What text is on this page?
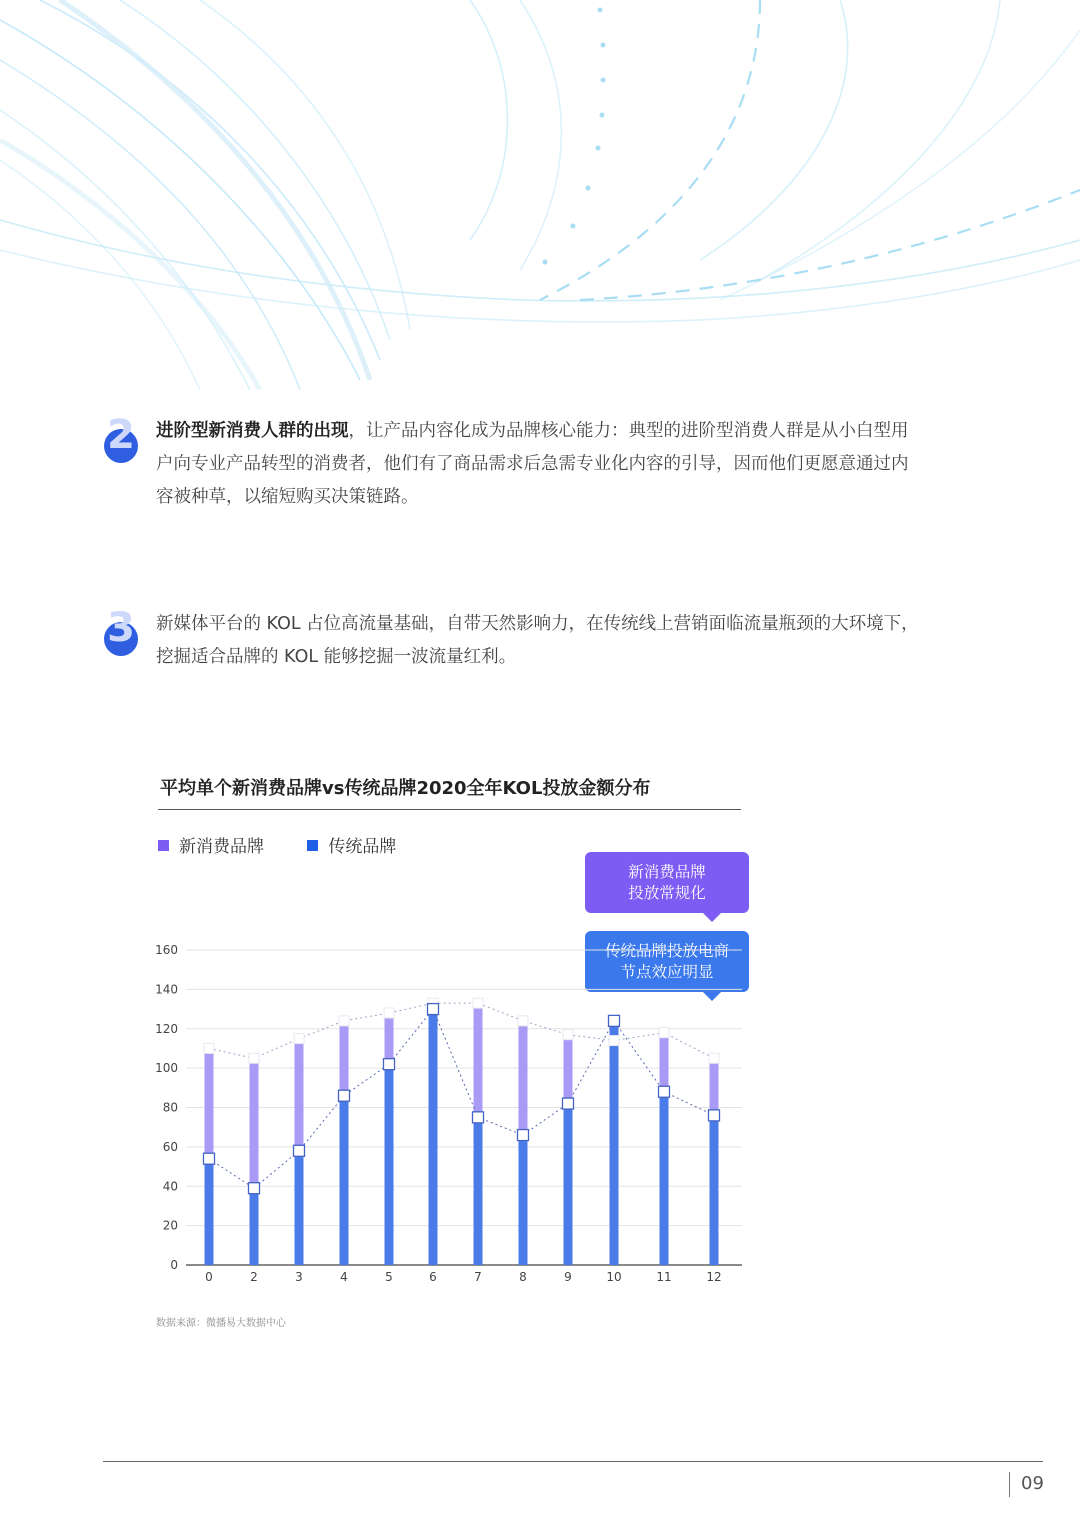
2 进阶型新消费人群的出现，让产品内容化成为品牌核心能力：典型的进阶型消费人群是从小白型用
户向专业产品转型的消费者，他们有了商品需求后急需专业化内容的引导，因而他们更愿意通过内
容被种草，以缩短购买决策链路。
3 新媒体平台的 KOL 占位高流量基础，自带天然影响力，在传统线上营销面临流量瓶颈的大环境下，
挖掘适合品牌的 KOL 能够挖掘一波流量红利。
平均单个新消费品牌vs传统品牌2020全年KOL投放金额分布
新消费品牌	传统品牌
新消费品牌
投放常规化
传统品牌投放电商
节点效应明显
0
20
40
60
80
100
120
140
160
0	2	3	4	5	6	7	8	9	10	11	12
数据来源：微播易大数据中心
09
